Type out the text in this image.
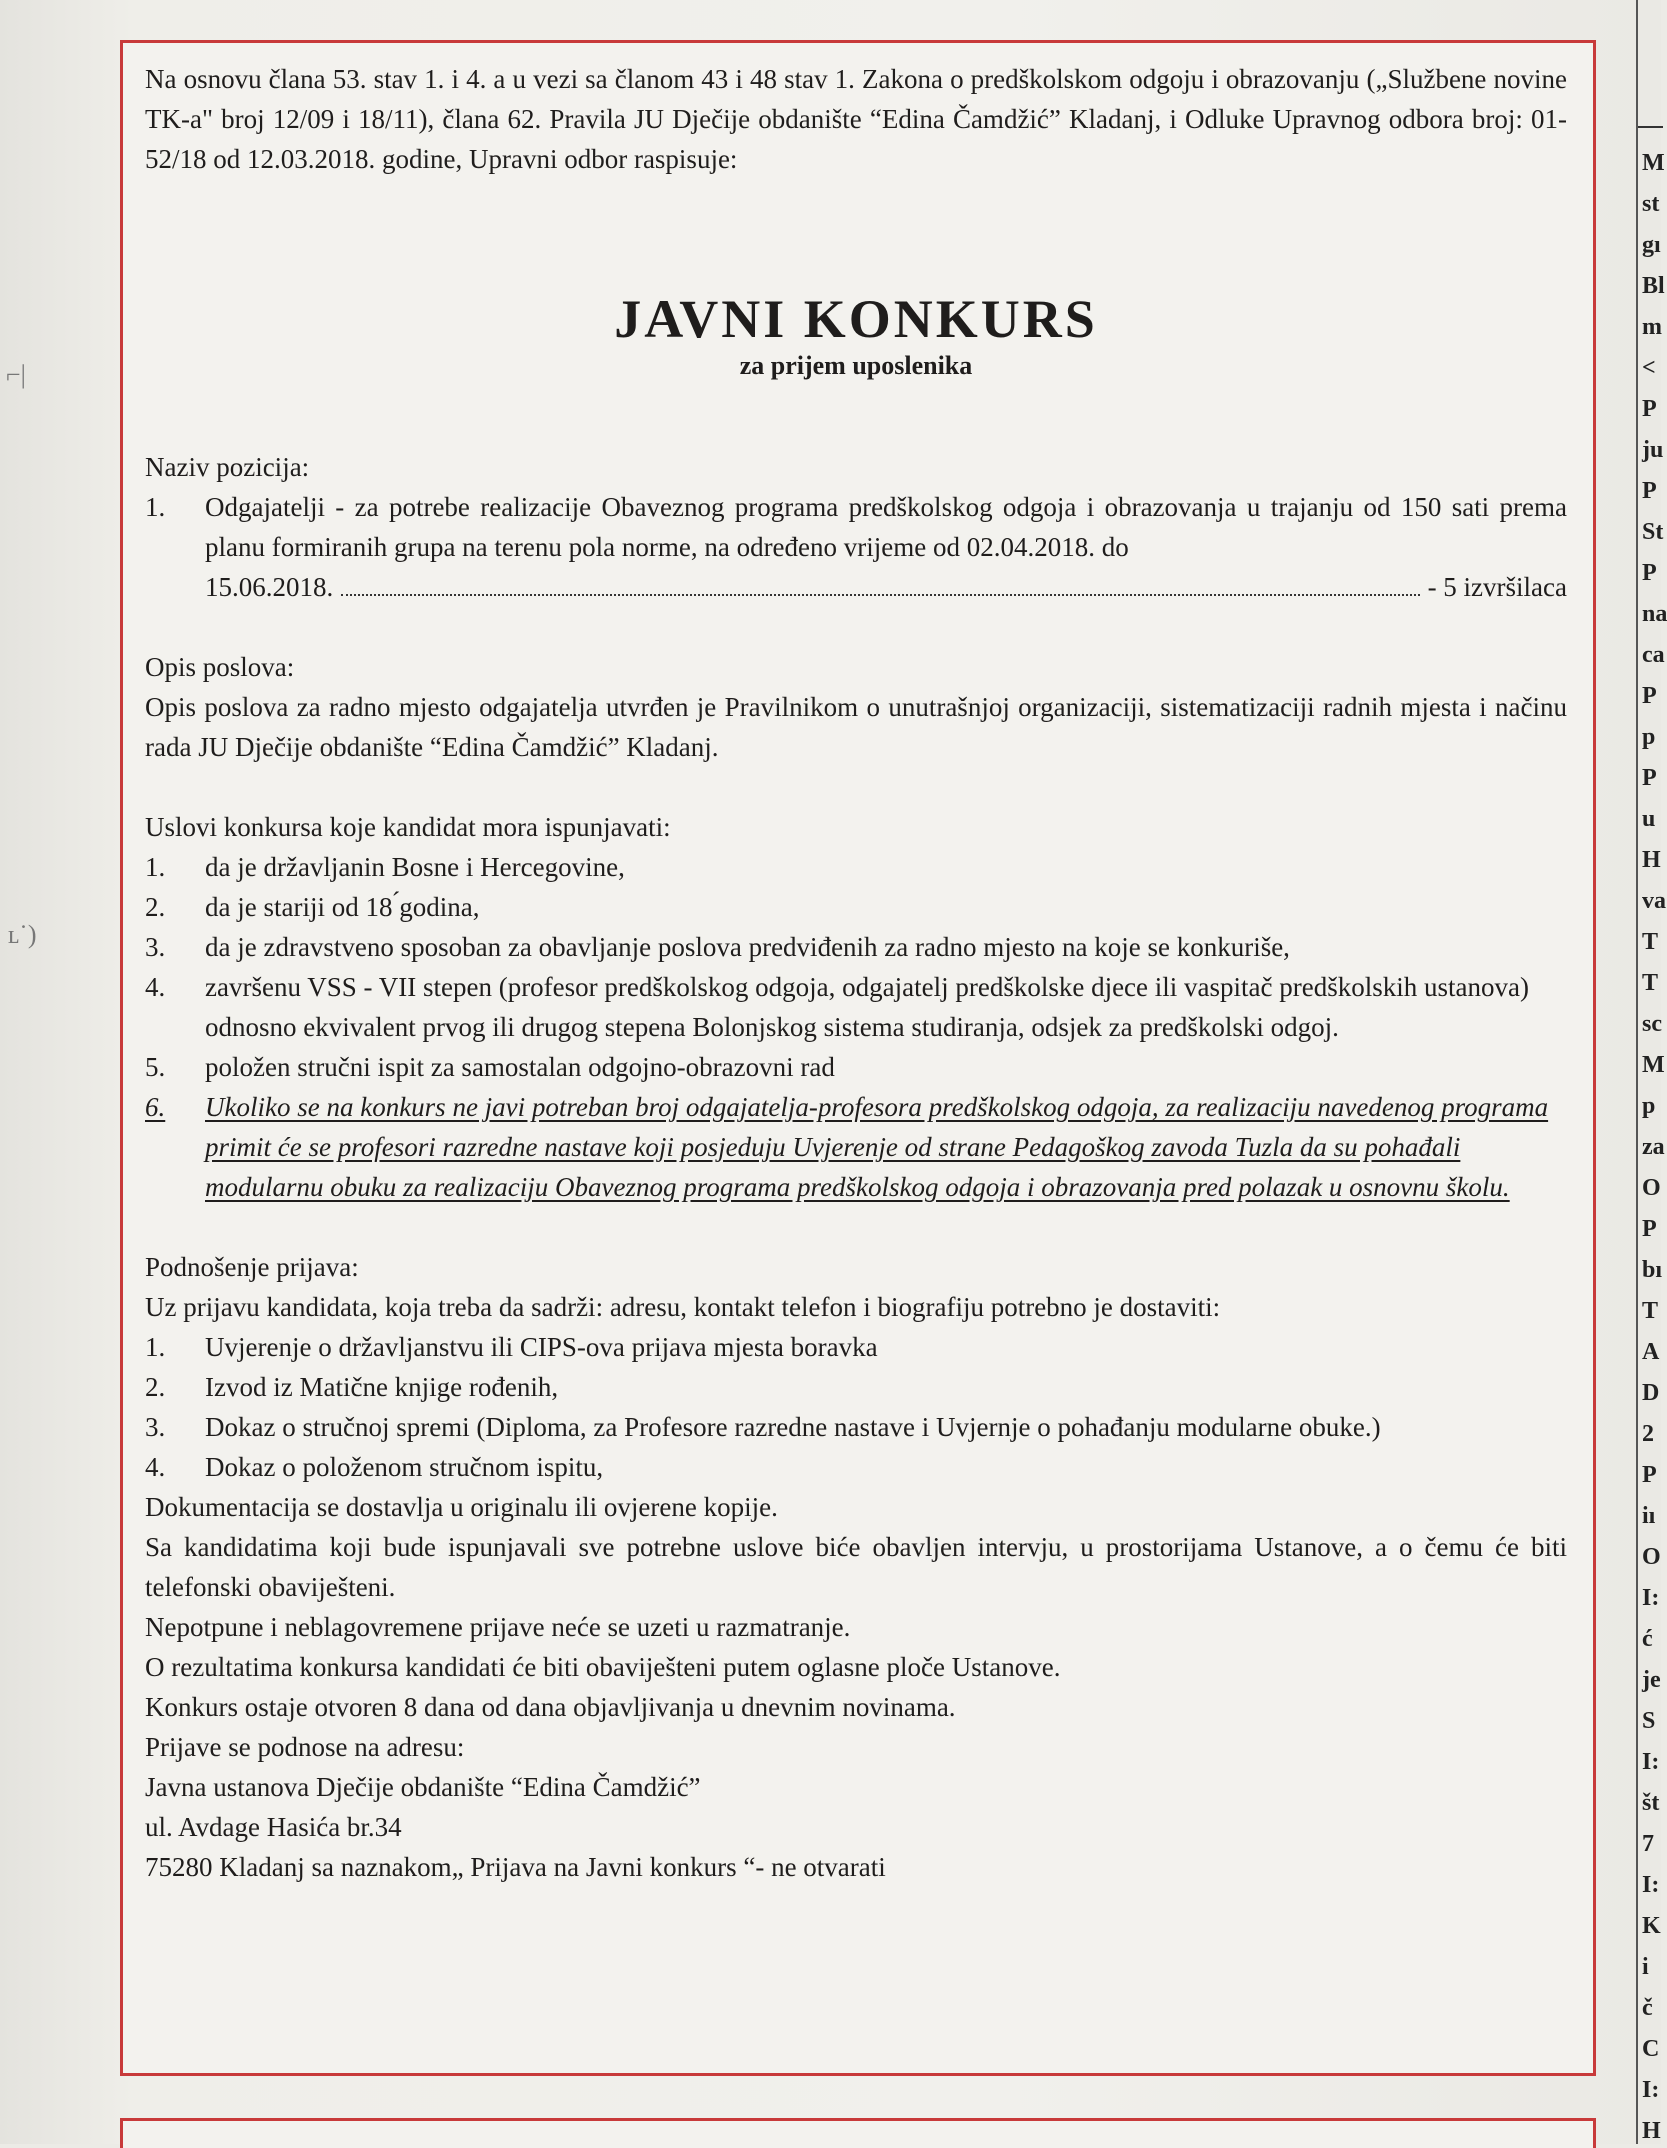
⌐|
ʟ˙)

Na osnovu člana 53. stav 1. i 4. a u vezi sa članom 43 i 48 stav 1. Zakona o predškolskom odgoju i obrazovanju („Službene novine TK-a" broj 12/09 i 18/11), člana 62. Pravila JU Dječije obdanište “Edina Čamdžić” Kladanj, i Odluke Upravnog odbora broj: 01-52/18 od 12.03.2018. godine, Upravni odbor raspisuje:

JAVNI KONKURS
za prijem uposlenika

Naziv pozicija:

1.	Odgajatelji - za potrebe realizacije Obaveznog programa predškolskog odgoja i obrazovanja u trajanju od 150 sati prema planu formiranih grupa na terenu pola norme, na određeno vrijeme od 02.04.2018. do
15.06.2018.	- 5 izvršilaca

Opis poslova:

Opis poslova za radno mjesto odgajatelja utvrđen je Pravilnikom o unutrašnjoj organizaciji, sistematizaciji radnih mjesta i načinu rada JU Dječije obdanište “Edina Čamdžić” Kladanj.

Uslovi konkursa koje kandidat mora ispunjavati:

1.	da je državljanin Bosne i Hercegovine,
2.	da je stariji od 18 ́godina,
3.	da je zdravstveno sposoban za obavljanje poslova predviđenih za radno mjesto na koje se konkuriše,
4.	završenu VSS - VII stepen (profesor predškolskog odgoja, odgajatelj predškolske djece ili vaspitač predškolskih ustanova) odnosno ekvivalent prvog ili drugog stepena Bolonjskog sistema studiranja, odsjek za predškolski odgoj.
5.	položen stručni ispit za samostalan odgojno-obrazovni rad
6.	Ukoliko se na konkurs ne javi potreban broj odgajatelja-profesora predškolskog odgoja, za realizaciju navedenog programa primit će se profesori razredne nastave koji posjeduju Uvjerenje od strane Pedagoškog zavoda Tuzla da su pohađali modularnu obuku za realizaciju Obaveznog programa predškolskog odgoja i obrazovanja pred polazak u osnovnu školu.

Podnošenje prijava:

Uz prijavu kandidata, koja treba da sadrži: adresu, kontakt telefon i biografiju potrebno je dostaviti:

1.	Uvjerenje o državljanstvu ili CIPS-ova prijava mjesta boravka
2.	Izvod iz Matične knjige rođenih,
3.	Dokaz o stručnoj spremi (Diploma, za Profesore razredne nastave i Uvjernje o pohađanju modularne obuke.)
4.	Dokaz o položenom stručnom ispitu,

Dokumentacija se dostavlja u originalu ili ovjerene kopije.

Sa kandidatima koji bude ispunjavali sve potrebne uslove biće obavljen intervju, u prostorijama Ustanove, a o čemu će biti telefonski obaviješteni.

Nepotpune i neblagovremene prijave neće se uzeti u razmatranje.

O rezultatima konkursa kandidati će biti obaviješteni putem oglasne ploče Ustanove.

Konkurs ostaje otvoren 8 dana od dana objavljivanja u dnevnim novinama.

Prijave se podnose na adresu:

Javna ustanova Dječije obdanište “Edina Čamdžić”

ul. Avdage Hasića br.34

75280 Kladanj sa naznakom„ Prijava na Javni konkurs “- ne otvarati

M
st
gı
Bl
m
<
P
ju
P
St
P
na
ca
P
p
P
u
H
va
T
T
sc
M
p
za
O
P
bı
T
A
D
2
P
iı
O
I:
ć
je
S
I:
št
7
I:
K
i
č
C
I:
H
